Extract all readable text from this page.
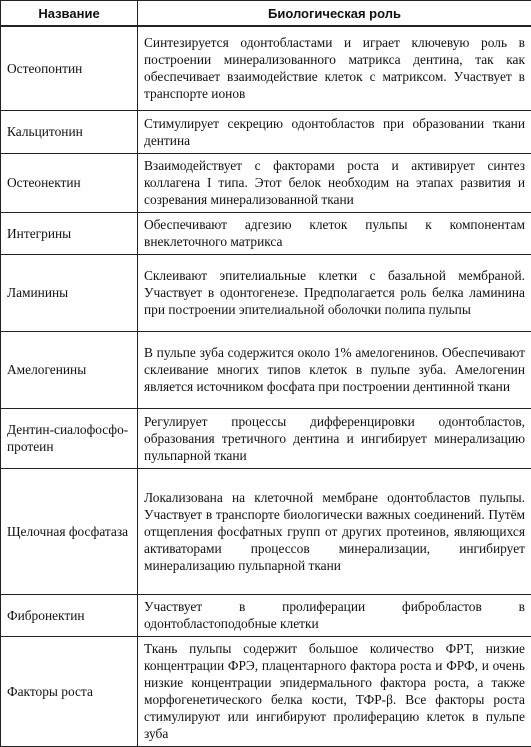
Название	Биологическая роль
Остеопонтин	Синтезируется одонтобластами и играет ключевую роль в построении минерализованного матрикса дентина, так как обеспечивает взаимодействие клеток с матриксом. Участвует в транспорте ионов
Кальцитонин	Стимулирует секрецию одонтобластов при образовании ткани дентина
Остеонектин	Взаимодействует с факторами роста и активирует синтез коллагена I типа. Этот белок необходим на этапах развития и созревания минерализованной ткани
Интегрины	Обеспечивают адгезию клеток пульпы к компонентам внеклеточного матрикса
Ламинины	Склеивают эпителиальные клетки с базальной мембраной. Участвует в одонтогенезе. Предполагается роль белка ламинина при построении эпителиальной оболочки полипа пульпы
Амелогенины	В пульпе зуба содержится около 1% амелогенинов. Обеспечивают склеивание многих типов клеток в пульпе зуба. Амелогенин является источником фосфата при построении дентинной ткани
Дентин-сиалофосфо-протеин	Регулирует процессы дифференцировки одонтобластов, образования третичного дентина и ингибирует минерализацию пульпарной ткани
Щелочная фосфатаза	Локализована на клеточной мембране одонтобластов пульпы. Участвует в транспорте биологически важных соединений. Путём отщепления фосфатных групп от других протеинов, являющихся активаторами процессов минерализации, ингибирует минерализацию пульпарной ткани
Фибронектин	Участвует в пролиферации фибробластов в одонтобластоподобные клетки
Факторы роста	Ткань пульпы содержит большое количество ФРТ, низкие концентрации ФРЭ, плацентарного фактора роста и ФРФ, и очень низкие концентрации эпидермального фактора роста, а также морфогенетического белка кости, ТФР-β. Все факторы роста стимулируют или ингибируют пролиферацию клеток в пульпе зуба
